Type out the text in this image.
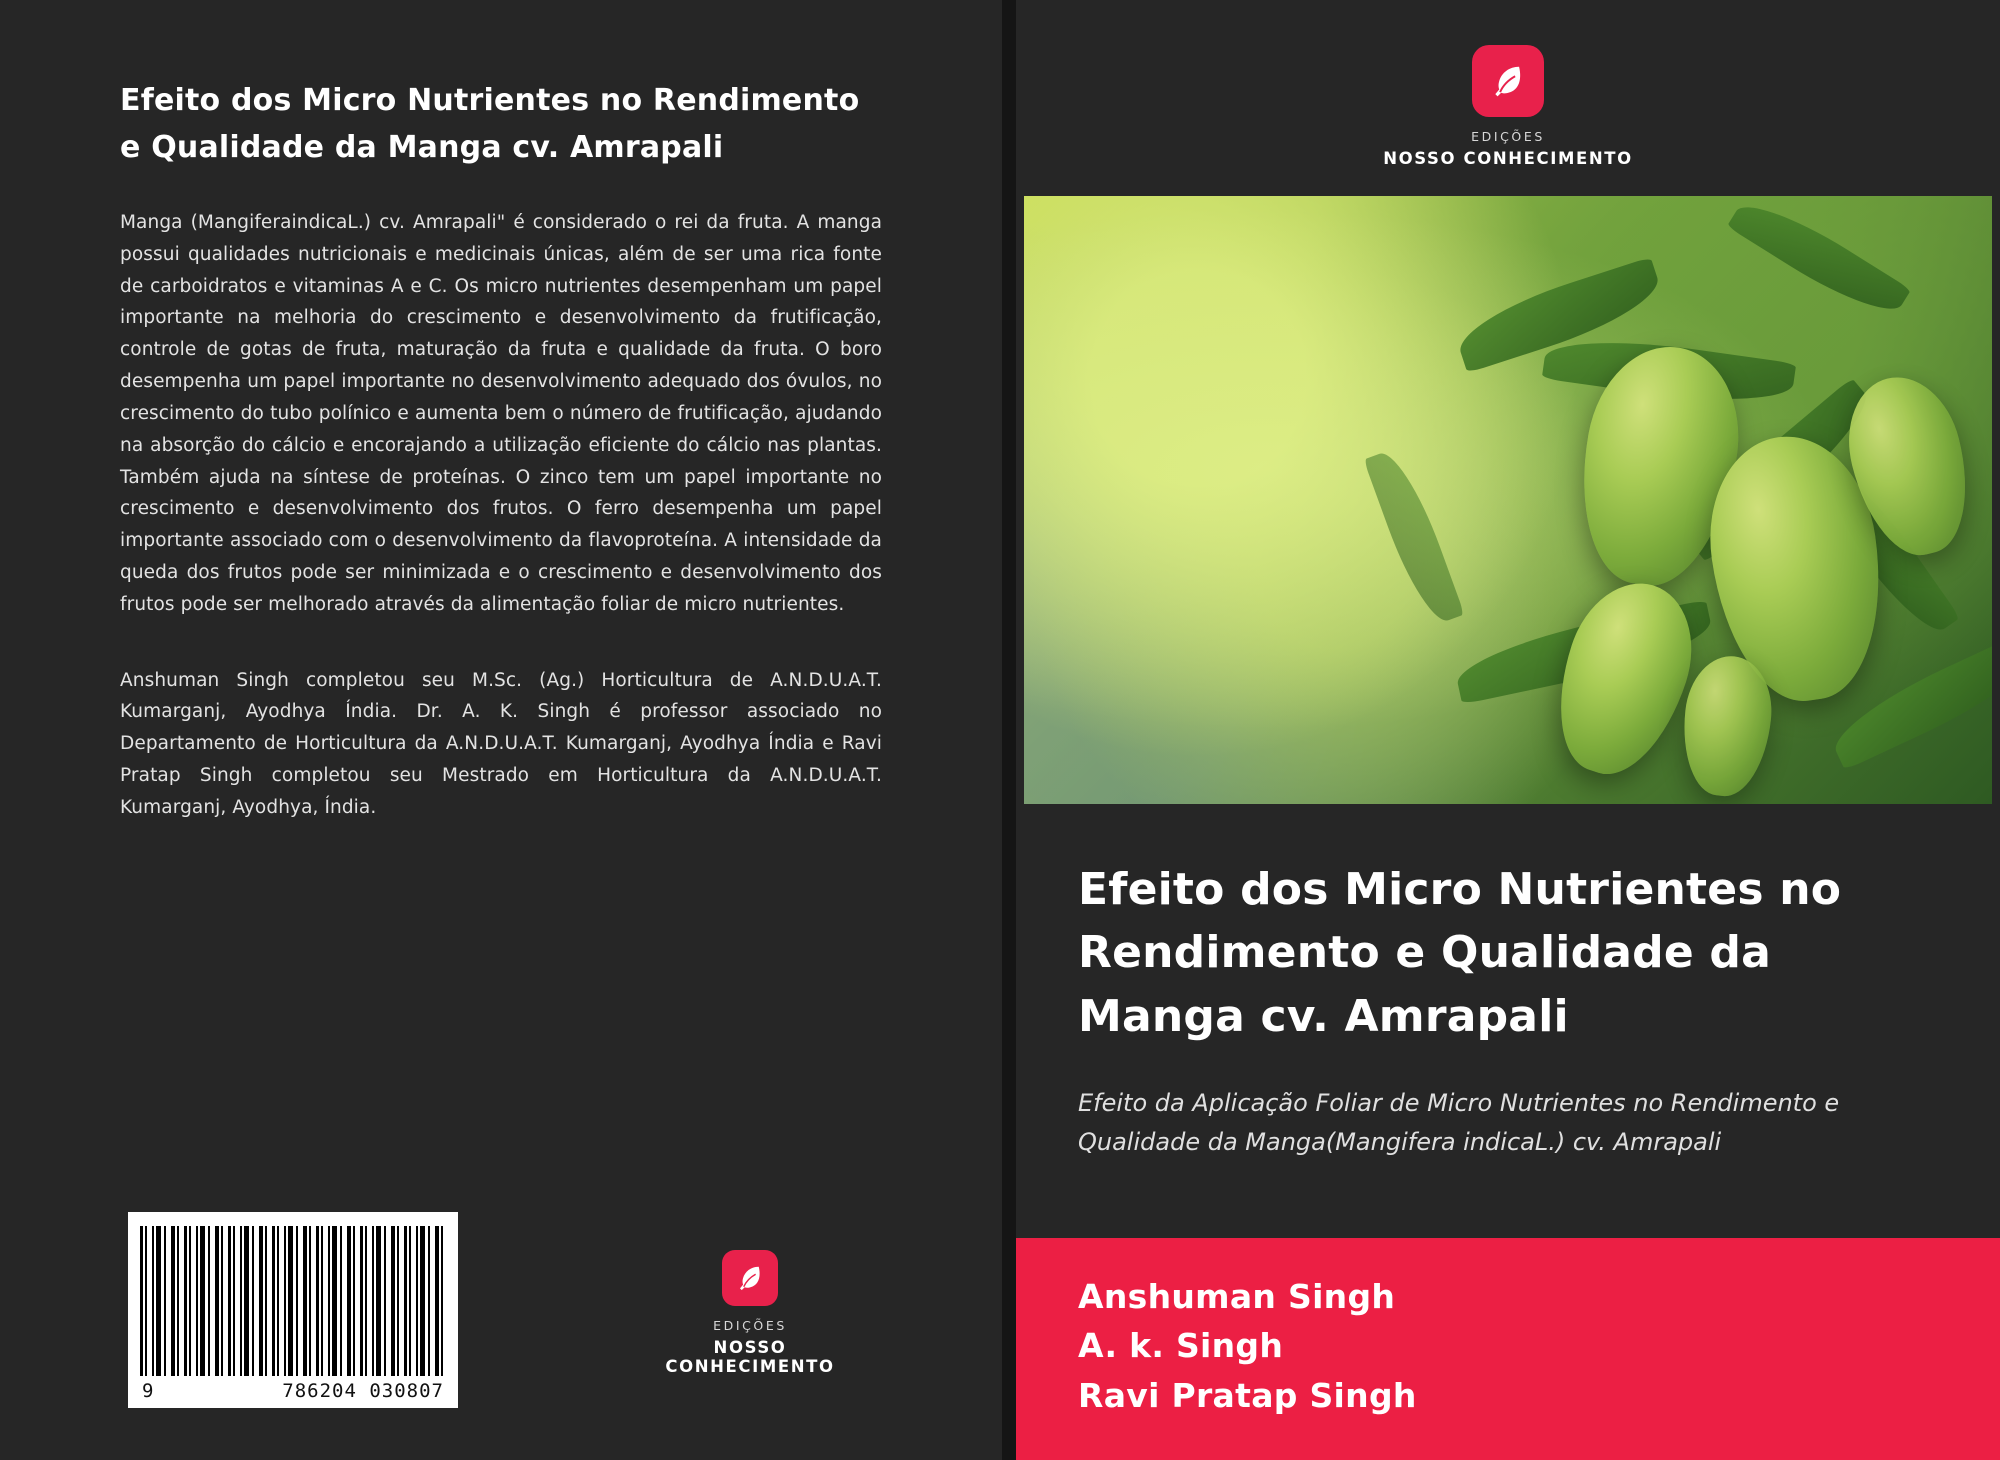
Efeito dos Micro Nutrientes no Rendimento e Qualidade da Manga cv. Amrapali
Manga (MangiferaindicaL.) cv. Amrapali" é considerado o rei da fruta. A manga possui qualidades nutricionais e medicinais únicas, além de ser uma rica fonte de carboidratos e vitaminas A e C. Os micro nutrientes desempenham um papel importante na melhoria do crescimento e desenvolvimento da frutificação, controle de gotas de fruta, maturação da fruta e qualidade da fruta. O boro desempenha um papel importante no desenvolvimento adequado dos óvulos, no crescimento do tubo polínico e aumenta bem o número de frutificação, ajudando na absorção do cálcio e encorajando a utilização eficiente do cálcio nas plantas. Também ajuda na síntese de proteínas. O zinco tem um papel importante no crescimento e desenvolvimento dos frutos. O ferro desempenha um papel importante associado com o desenvolvimento da flavoproteína. A intensidade da queda dos frutos pode ser minimizada e o crescimento e desenvolvimento dos frutos pode ser melhorado através da alimentação foliar de micro nutrientes.
Anshuman Singh completou seu M.Sc. (Ag.) Horticultura de A.N.D.U.A.T. Kumarganj, Ayodhya Índia. Dr. A. K. Singh é professor associado no Departamento de Horticultura da A.N.D.U.A.T. Kumarganj, Ayodhya Índia e Ravi Pratap Singh completou seu Mestrado em Horticultura da A.N.D.U.A.T. Kumarganj, Ayodhya, Índia.
9	786204 030807
EDIÇÕES
NOSSO CONHECIMENTO
EDIÇÕES
NOSSO CONHECIMENTO
Efeito dos Micro Nutrientes no Rendimento e Qualidade da Manga cv. Amrapali
Efeito da Aplicação Foliar de Micro Nutrientes no Rendimento e Qualidade da Manga(Mangifera indicaL.) cv. Amrapali
Anshuman Singh
A. k. Singh
Ravi Pratap Singh
